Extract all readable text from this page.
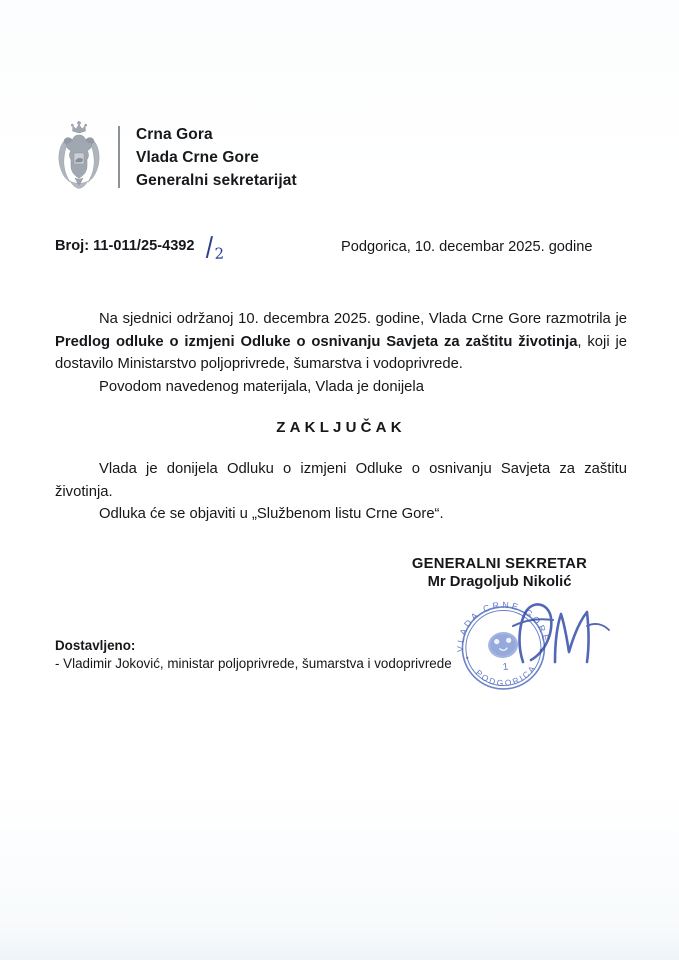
Crna Gora
Vlada Crne Gore
Generalni sekretarijat
Broj: 11-011/25-4392 /2	Podgorica, 10. decembar 2025. godine

Na sjednici održanoj 10. decembra 2025. godine, Vlada Crne Gore razmotrila je Predlog odluke o izmjeni Odluke o osnivanju Savjeta za zaštitu životinja, koji je dostavilo Ministarstvo poljoprivrede, šumarstva i vodoprivrede.

Povodom navedenog materijala, Vlada je donijela

ZAKLJUČAK

Vlada je donijela Odluku o izmjeni Odluke o osnivanju Savjeta za zaštitu životinja.

Odluka će se objaviti u „Službenom listu Crne Gore“.

GENERALNI SEKRETAR
Mr Dragoljub Nikolić
VLADA CRNE GORE
PODGORICA
1
Dostavljeno:
- Vladimir Joković, ministar poljoprivrede, šumarstva i vodoprivrede
